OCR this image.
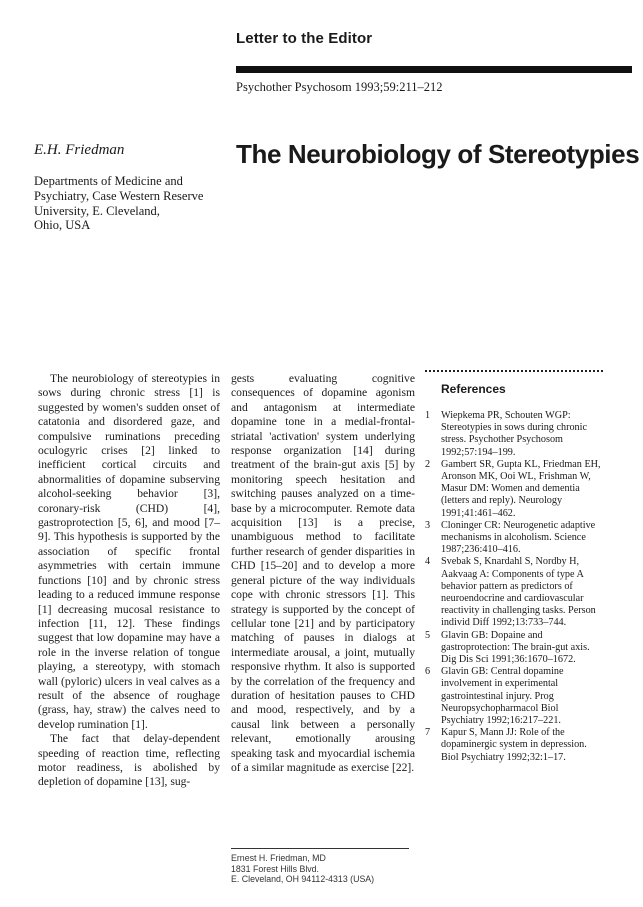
Letter to the Editor
Psychother Psychosom 1993;59:211–212
E.H. Friedman	The Neurobiology of Stereotypies
Departments of Medicine and
Psychiatry, Case Western Reserve
University, E. Cleveland,
Ohio, USA

The neurobiology of stereotypies in sows during chronic stress [1] is suggested by women's sudden onset of catatonia and disordered gaze, and compulsive ruminations preceding oculogyric crises [2] linked to inefficient cortical circuits and abnormalities of dopamine subserving alcohol-seeking behavior [3], coronary-risk (CHD) [4], gastroprotection [5, 6], and mood [7–9]. This hypothesis is supported by the association of specific frontal asymmetries with certain immune functions [10] and by chronic stress leading to a reduced immune response [1] decreasing mucosal resistance to infection [11, 12]. These findings suggest that low dopamine may have a role in the inverse relation of tongue playing, a stereotypy, with stomach wall (pyloric) ulcers in veal calves as a result of the absence of roughage (grass, hay, straw) the calves need to develop rumination [1].

The fact that delay-dependent speeding of reaction time, reflecting motor readiness, is abolished by depletion of dopamine [13], sug-

gests evaluating cognitive consequences of dopamine agonism and antagonism at intermediate dopamine tone in a medial-frontal-striatal 'activation' system underlying response organization [14] during treatment of the brain-gut axis [5] by monitoring speech hesitation and switching pauses analyzed on a time-base by a microcomputer. Remote data acquisition [13] is a precise, unambiguous method to facilitate further research of gender disparities in CHD [15–20] and to develop a more general picture of the way individuals cope with chronic stressors [1]. This strategy is supported by the concept of cellular tone [21] and by participatory matching of pauses in dialogs at intermediate arousal, a joint, mutually responsive rhythm. It also is supported by the correlation of the frequency and duration of hesitation pauses to CHD and mood, respectively, and by a causal link between a personally relevant, emotionally arousing speaking task and myocardial ischemia of a similar magnitude as exercise [22].

References
1 Wiepkema PR, Schouten WGP: Stereotypies in sows during chronic stress. Psychother Psychosom 1992;57:194–199.
2 Gambert SR, Gupta KL, Friedman EH, Aronson MK, Ooi WL, Frishman W, Masur DM: Women and dementia (letters and reply). Neurology 1991;41:461–462.
3 Cloninger CR: Neurogenetic adaptive mechanisms in alcoholism. Science 1987;236:410–416.
4 Svebak S, Knardahl S, Nordby H, Aakvaag A: Components of type A behavior pattern as predictors of neuroendocrine and cardiovascular reactivity in challenging tasks. Person individ Diff 1992;13:733–744.
5 Glavin GB: Dopaine and gastroprotection: The brain-gut axis. Dig Dis Sci 1991;36:1670–1672.
6 Glavin GB: Central dopamine involvement in experimental gastrointestinal injury. Prog Neuropsychopharmacol Biol Psychiatry 1992;16:217–221.
7 Kapur S, Mann JJ: Role of the dopaminergic system in depression. Biol Psychiatry 1992;32:1–17.
Ernest H. Friedman, MD
1831 Forest Hills Blvd.
E. Cleveland, OH 94112-4313 (USA)
